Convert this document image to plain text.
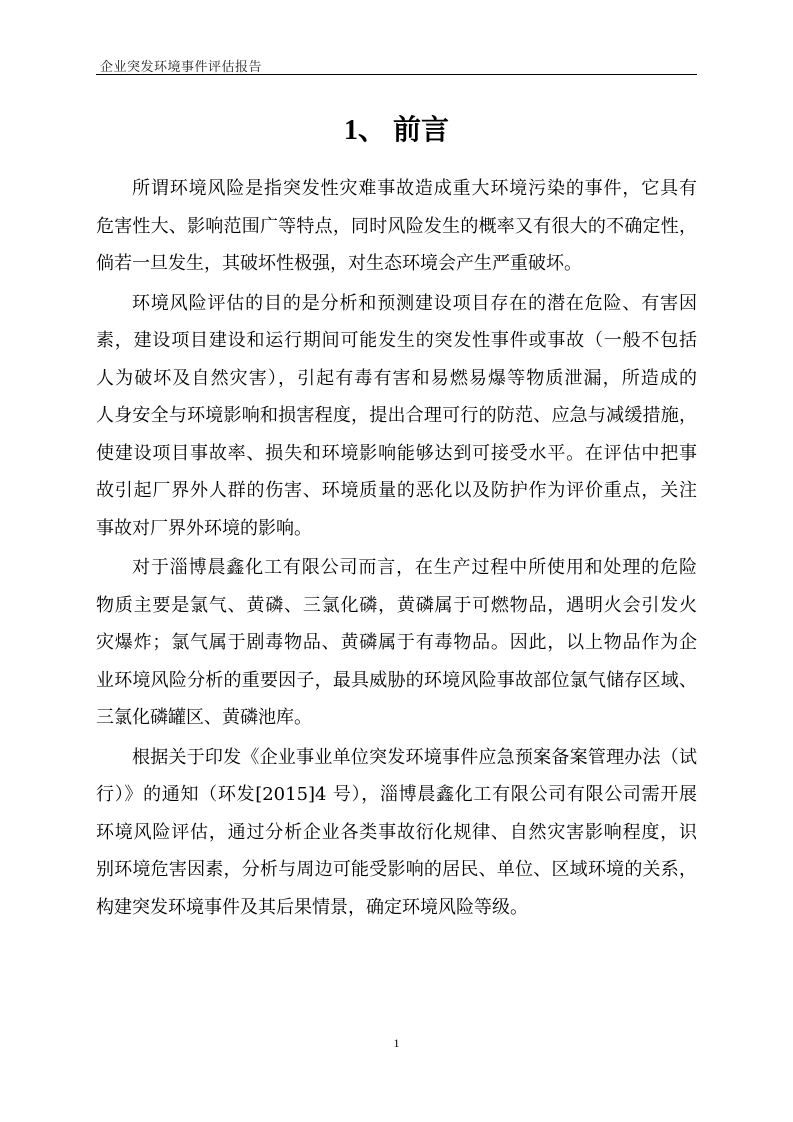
企业突发环境事件评估报告
1、 前言
所谓环境风险是指突发性灾难事故造成重大环境污染的事件，它具有
危害性大、影响范围广等特点，同时风险发生的概率又有很大的不确定性，
倘若一旦发生，其破坏性极强，对生态环境会产生严重破坏。
环境风险评估的目的是分析和预测建设项目存在的潜在危险、有害因
素，建设项目建设和运行期间可能发生的突发性事件或事故（一般不包括
人为破坏及自然灾害），引起有毒有害和易燃易爆等物质泄漏，所造成的
人身安全与环境影响和损害程度，提出合理可行的防范、应急与减缓措施，
使建设项目事故率、损失和环境影响能够达到可接受水平。在评估中把事
故引起厂界外人群的伤害、环境质量的恶化以及防护作为评价重点，关注
事故对厂界外环境的影响。
对于淄博晨鑫化工有限公司而言，在生产过程中所使用和处理的危险
物质主要是氯气、黄磷、三氯化磷，黄磷属于可燃物品，遇明火会引发火
灾爆炸；氯气属于剧毒物品、黄磷属于有毒物品。因此，以上物品作为企
业环境风险分析的重要因子，最具威胁的环境风险事故部位氯气储存区域、
三氯化磷罐区、黄磷池库。
根据关于印发《企业事业单位突发环境事件应急预案备案管理办法（试
行）》的通知（环发[2015]4 号），淄博晨鑫化工有限公司有限公司需开展
环境风险评估，通过分析企业各类事故衍化规律、自然灾害影响程度，识
别环境危害因素，分析与周边可能受影响的居民、单位、区域环境的关系，
构建突发环境事件及其后果情景，确定环境风险等级。
1
